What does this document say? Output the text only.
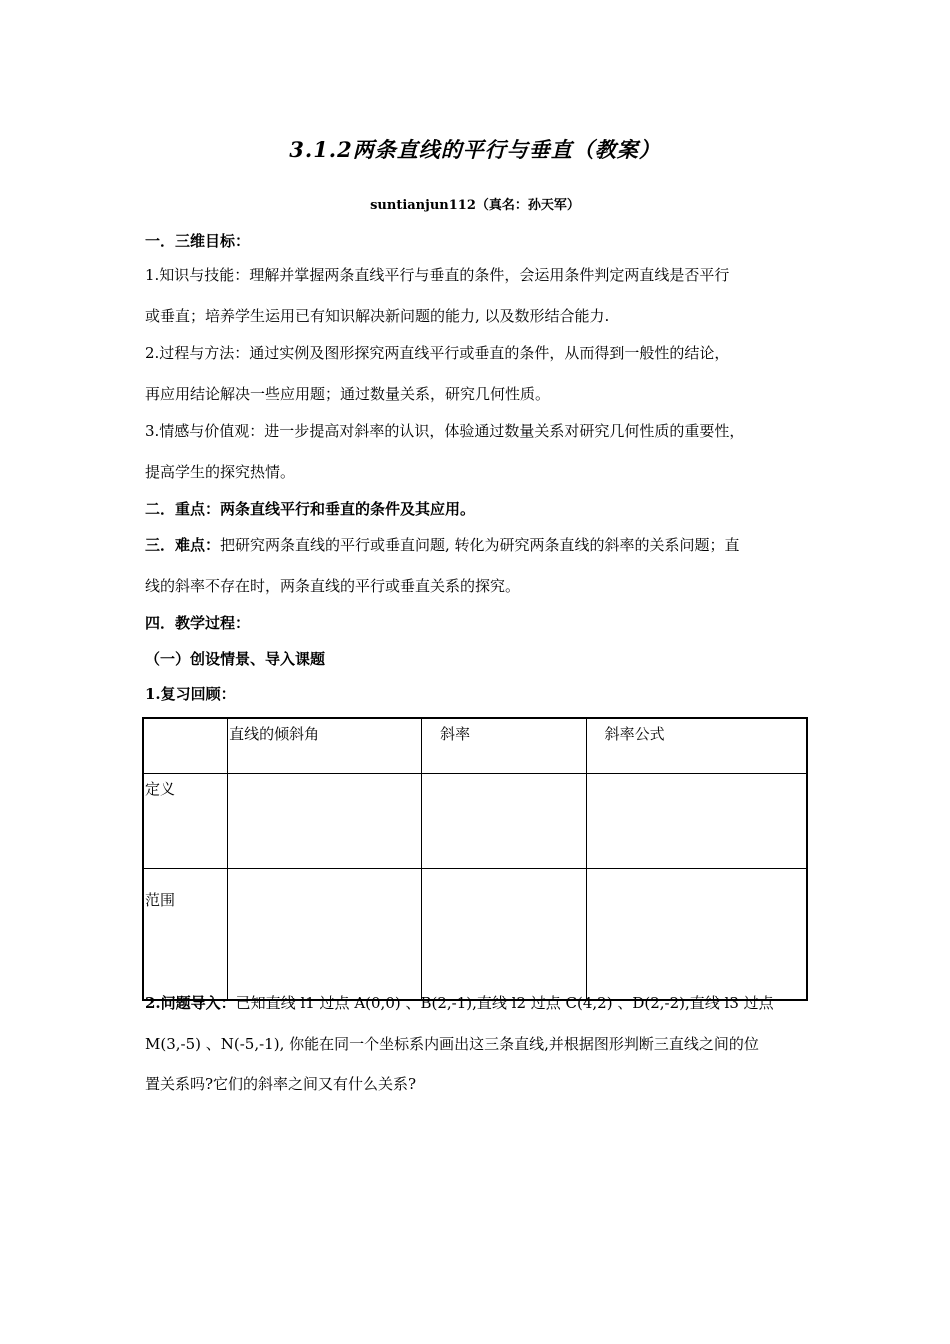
3.1.2两条直线的平行与垂直（教案）
suntianjun112（真名：孙天军）
一．三维目标：
1.知识与技能：理解并掌握两条直线平行与垂直的条件，会运用条件判定两直线是否平行
或垂直；培养学生运用已有知识解决新问题的能力, 以及数形结合能力.
2.过程与方法：通过实例及图形探究两直线平行或垂直的条件，从而得到一般性的结论，
再应用结论解决一些应用题；通过数量关系，研究几何性质。
3.情感与价值观：进一步提高对斜率的认识，体验通过数量关系对研究几何性质的重要性，
提高学生的探究热情。
二．重点：两条直线平行和垂直的条件及其应用。
三．难点：把研究两条直线的平行或垂直问题, 转化为研究两条直线的斜率的关系问题；直
线的斜率不存在时，两条直线的平行或垂直关系的探究。
四．教学过程：
（一）创设情景、导入课题
1.复习回顾：
	直线的倾斜角	斜率	斜率公式
定义			
范围			
2.问题导入：已知直线 l1 过点 A(0,0) 、B(2,-1),直线 l2 过点 C(4,2) 、D(2,-2),直线 l3 过点
M(3,-5) 、N(-5,-1), 你能在同一个坐标系内画出这三条直线,并根据图形判断三直线之间的位
置关系吗?它们的斜率之间又有什么关系?
